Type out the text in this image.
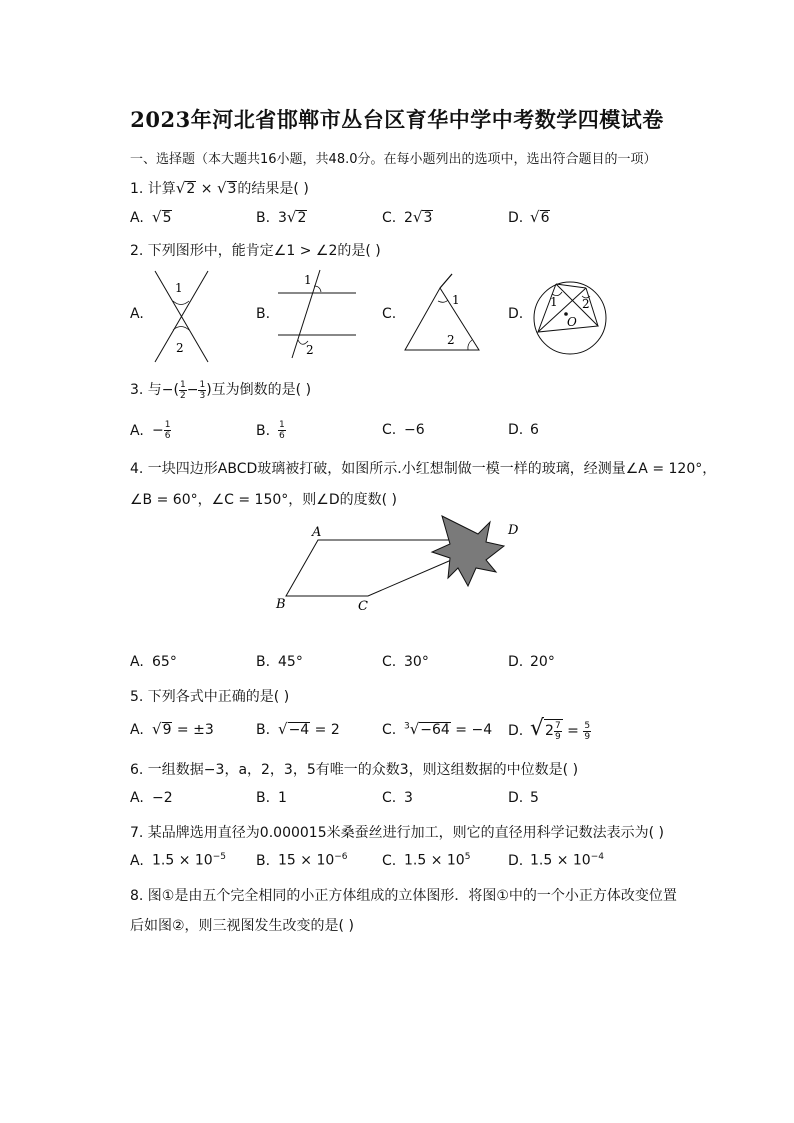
2023年河北省邯郸市丛台区育华中学中考数学四模试卷
一、选择题（本大题共16小题，共48.0分。在每小题列出的选项中，选出符合题目的一项）
1. 计算√2 × √3的结果是( )
A. √5	B. 3√2	C. 2√3	D. √6
2. 下列图形中，能肯定∠1 > ∠2的是( )
A.	B.	C.	D.
1
2
1
2
1
2
1 2
O
3. 与−( $\frac{1}{2} - \frac{1}{3}$ )互为倒数的是( )
A. − $\frac{1}{6}$	B. $\frac{1}{6}$	C. −6	D. 6
4. 一块四边形ABCD玻璃被打破，如图所示.小红想制做一模一样的玻璃，经测量∠A = 120°，
∠B = 60°，∠C = 150°，则∠D的度数( )
A
B	C
D
A. 65°	B. 45°	C. 30°	D. 20°
5. 下列各式中正确的是( )
A. √9 = ±3	B. √−4 = 2	C. $^3$√−64 = −4 D. $√2 \frac{7}{9} = \frac{5}{9}$
6. 一组数据−3，a，2，3，5有唯一的众数3，则这组数据的中位数是( )
A. −2	B. 1	C. 3	D. 5
7. 某品牌选用直径为0.000015米桑蚕丝进行加工，则它的直径用科学记数法表示为( )
A. $1.5 \times 10^{-5}$ B. $15 \times 10^{-6}$ C. $1.5 \times 10^5$	D. $1.5 \times 10^{-4}$
8. 图①是由五个完全相同的小正方体组成的立体图形．将图①中的一个小正方体改变位置
后如图②，则三视图发生改变的是( )
